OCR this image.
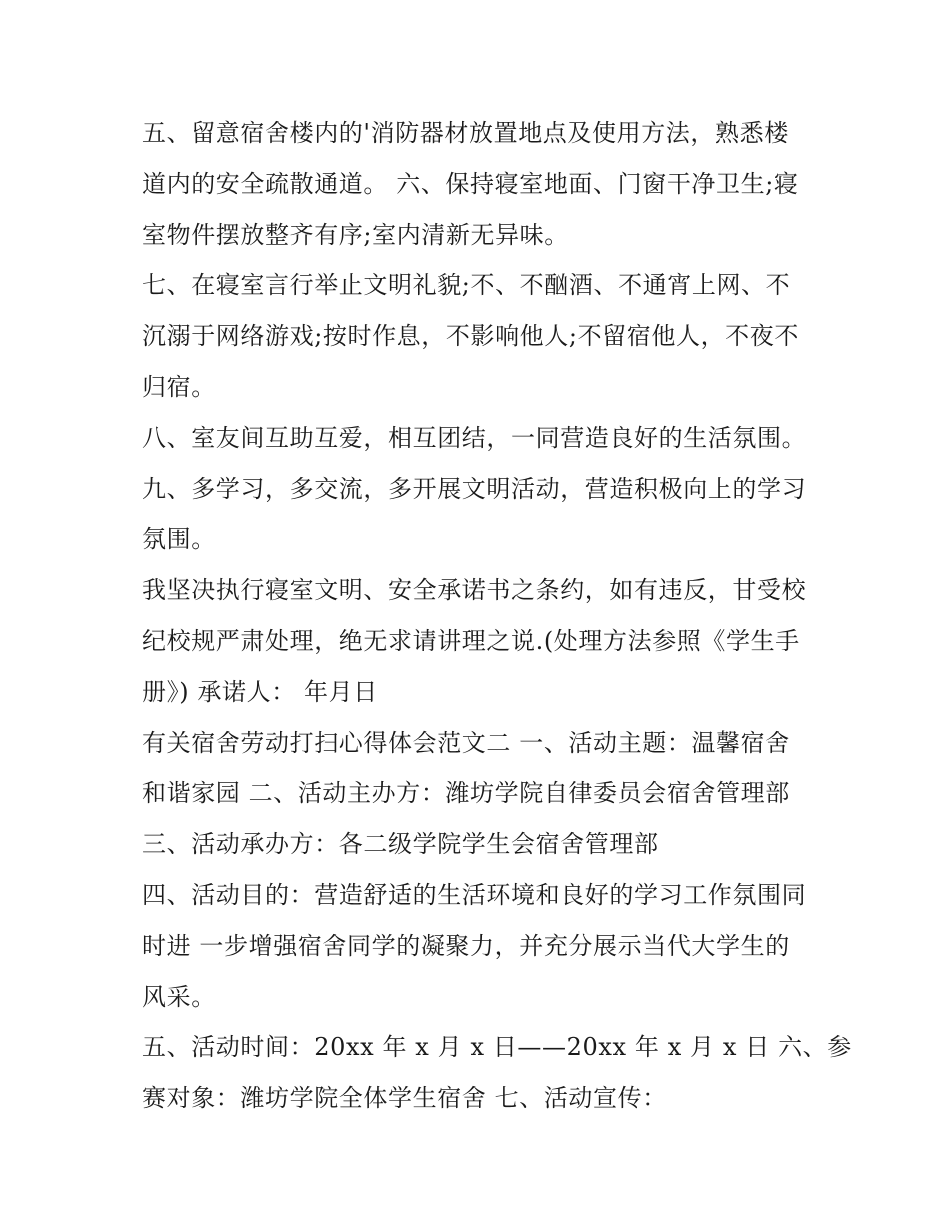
五、留意宿舍楼内的'消防器材放置地点及使用方法，熟悉楼
道内的安全疏散通道。 六、保持寝室地面、门窗干净卫生;寝
室物件摆放整齐有序;室内清新无异味。
七、在寝室言行举止文明礼貌;不、不酗酒、不通宵上网、不
沉溺于网络游戏;按时作息，不影响他人;不留宿他人，不夜不
归宿。
八、室友间互助互爱，相互团结，一同营造良好的生活氛围。
九、多学习，多交流，多开展文明活动，营造积极向上的学习
氛围。
我坚决执行寝室文明、安全承诺书之条约，如有违反，甘受校
纪校规严肃处理，绝无求请讲理之说.(处理方法参照《学生手
册》) 承诺人： 年月日
有关宿舍劳动打扫心得体会范文二 一、活动主题：温馨宿舍
和谐家园 二、活动主办方：潍坊学院自律委员会宿舍管理部
三、活动承办方：各二级学院学生会宿舍管理部
四、活动目的：营造舒适的生活环境和良好的学习工作氛围同
时进 一步增强宿舍同学的凝聚力，并充分展示当代大学生的
风采。
五、活动时间：20xx 年 x 月 x 日——20xx 年 x 月 x 日 六、参
赛对象：潍坊学院全体学生宿舍 七、活动宣传：
